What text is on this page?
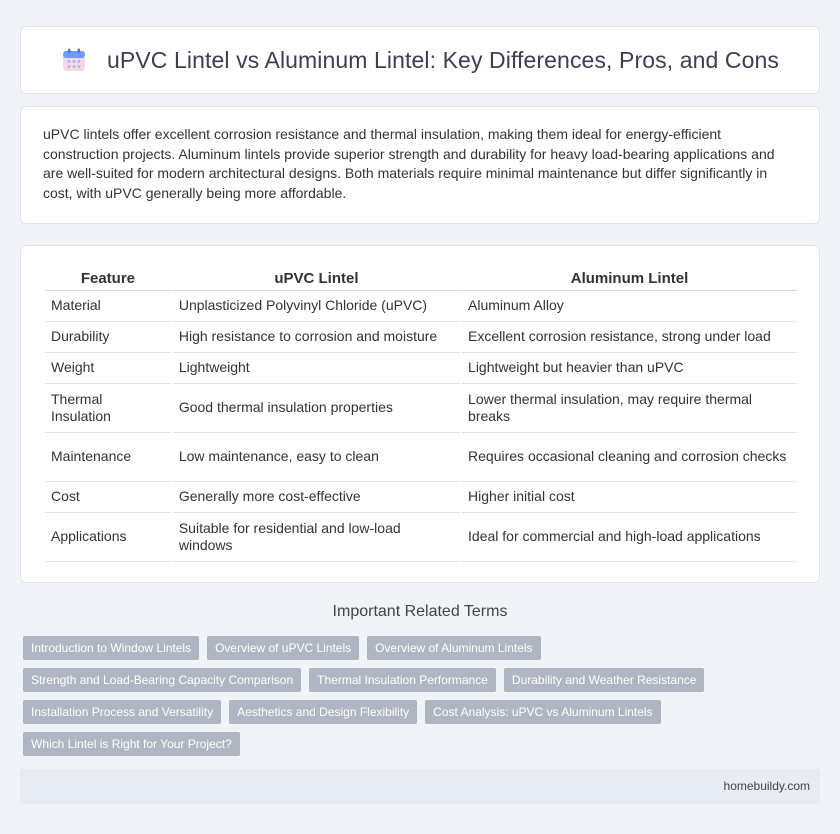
uPVC Lintel vs Aluminum Lintel: Key Differences, Pros, and Cons

uPVC lintels offer excellent corrosion resistance and thermal insulation, making them ideal for energy-efficient construction projects. Aluminum lintels provide superior strength and durability for heavy load-bearing applications and are well-suited for modern architectural designs. Both materials require minimal maintenance but differ significantly in cost, with uPVC generally being more affordable.

Feature	uPVC Lintel	Aluminum Lintel
Material	Unplasticized Polyvinyl Chloride (uPVC)	Aluminum Alloy
Durability	High resistance to corrosion and moisture	Excellent corrosion resistance, strong under load
Weight	Lightweight	Lightweight but heavier than uPVC
Thermal Insulation	Good thermal insulation properties	Lower thermal insulation, may require thermal breaks
Maintenance	Low maintenance, easy to clean	Requires occasional cleaning and corrosion checks
Cost	Generally more cost-effective	Higher initial cost
Applications	Suitable for residential and low-load windows	Ideal for commercial and high-load applications
Important Related Terms
Introduction to Window Lintels	Overview of uPVC Lintels	Overview of Aluminum Lintels
Strength and Load-Bearing Capacity Comparison	Thermal Insulation Performance	Durability and Weather Resistance
Installation Process and Versatility	Aesthetics and Design Flexibility	Cost Analysis: uPVC vs Aluminum Lintels
Which Lintel is Right for Your Project?
homebuildy.com
